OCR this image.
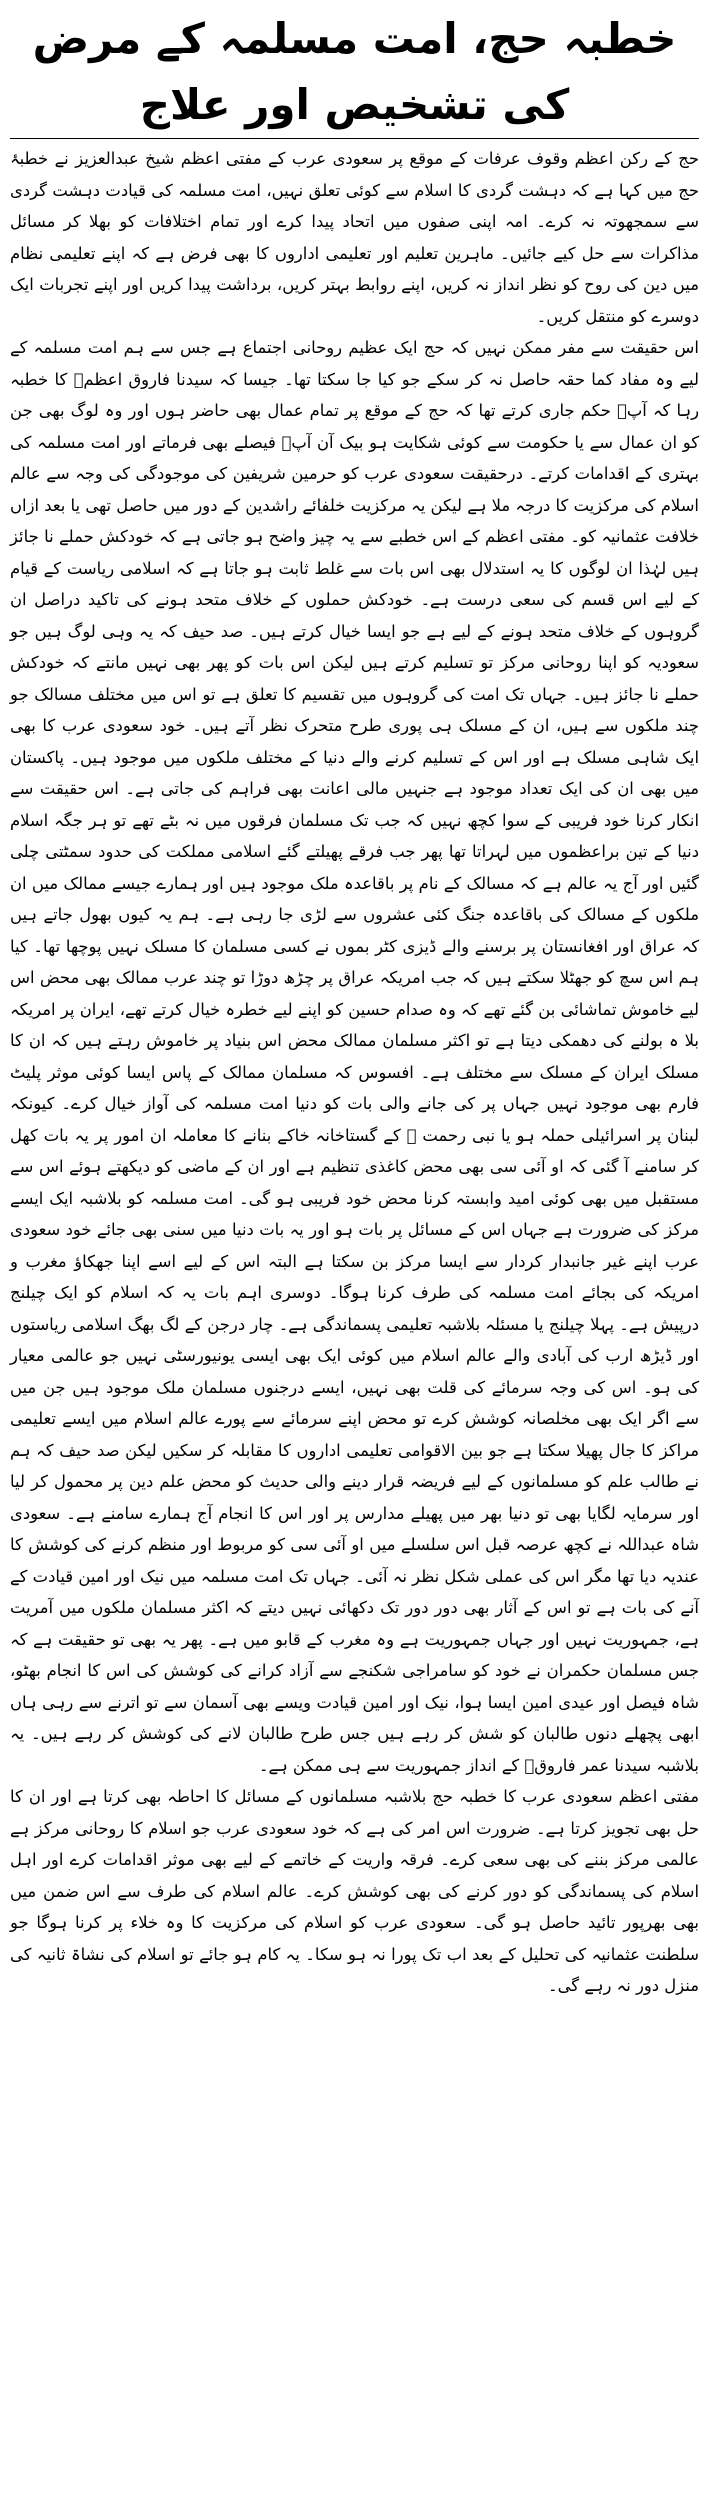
خطبہ حج، امت مسلمہ کے مرض کی تشخیص اور علاج

حج کے رکن اعظم وقوف عرفات کے موقع پر سعودی عرب کے مفتی اعظم شیخ عبدالعزیز نے خطبۂ حج میں کہا ہے کہ دہشت گردی کا اسلام سے کوئی تعلق نہیں، امت مسلمہ کی قیادت دہشت گردی سے سمجھوتہ نہ کرے۔ امہ اپنی صفوں میں اتحاد پیدا کرے اور تمام اختلافات کو بھلا کر مسائل مذاکرات سے حل کیے جائیں۔ ماہرین تعلیم اور تعلیمی اداروں کا بھی فرض ہے کہ اپنے تعلیمی نظام میں دین کی روح کو نظر انداز نہ کریں، اپنے روابط بہتر کریں، برداشت پیدا کریں اور اپنے تجربات ایک دوسرے کو منتقل کریں۔

اس حقیقت سے مفر ممکن نہیں کہ حج ایک عظیم روحانی اجتماع ہے جس سے ہم امت مسلمہ کے لیے وہ مفاد کما حقہ حاصل نہ کر سکے جو کیا جا سکتا تھا۔ جیسا کہ سیدنا فاروق اعظمؓ کا خطبہ رہا کہ آپؓ حکم جاری کرتے تھا کہ حج کے موقع پر تمام عمال بھی حاضر ہوں اور وہ لوگ بھی جن کو ان عمال سے یا حکومت سے کوئی شکایت ہو بیک آن آپؓ فیصلے بھی فرماتے اور امت مسلمہ کی بہتری کے اقدامات کرتے۔ درحقیقت سعودی عرب کو حرمین شریفین کی موجودگی کی وجہ سے عالم اسلام کی مرکزیت کا درجہ ملا ہے لیکن یہ مرکزیت خلفائے راشدین کے دور میں حاصل تھی یا بعد ازاں خلافت عثمانیہ کو۔ مفتی اعظم کے اس خطبے سے یہ چیز واضح ہو جاتی ہے کہ خودکش حملے نا جائز ہیں لہٰذا ان لوگوں کا یہ استدلال بھی اس بات سے غلط ثابت ہو جاتا ہے کہ اسلامی ریاست کے قیام کے لیے اس قسم کی سعی درست ہے۔ خودکش حملوں کے خلاف متحد ہونے کی تاکید دراصل ان گروہوں کے خلاف متحد ہونے کے لیے ہے جو ایسا خیال کرتے ہیں۔ صد حیف کہ یہ وہی لوگ ہیں جو سعودیہ کو اپنا روحانی مرکز تو تسلیم کرتے ہیں لیکن اس بات کو پھر بھی نہیں مانتے کہ خودکش حملے نا جائز ہیں۔ جہاں تک امت کی گروہوں میں تقسیم کا تعلق ہے تو اس میں مختلف مسالک جو چند ملکوں سے ہیں، ان کے مسلک ہی پوری طرح متحرک نظر آتے ہیں۔ خود سعودی عرب کا بھی ایک شاہی مسلک ہے اور اس کے تسلیم کرنے والے دنیا کے مختلف ملکوں میں موجود ہیں۔ پاکستان میں بھی ان کی ایک تعداد موجود ہے جنہیں مالی اعانت بھی فراہم کی جاتی ہے۔ اس حقیقت سے انکار کرنا خود فریبی کے سوا کچھ نہیں کہ جب تک مسلمان فرقوں میں نہ بٹے تھے تو ہر جگہ اسلام دنیا کے تین براعظموں میں لہراتا تھا پھر جب فرقے پھیلتے گئے اسلامی مملکت کی حدود سمٹتی چلی گئیں اور آج یہ عالم ہے کہ مسالک کے نام پر باقاعدہ ملک موجود ہیں اور ہمارے جیسے ممالک میں ان ملکوں کے مسالک کی باقاعدہ جنگ کئی عشروں سے لڑی جا رہی ہے۔ ہم یہ کیوں بھول جاتے ہیں کہ عراق اور افغانستان پر برسنے والے ڈیزی کٹر بموں نے کسی مسلمان کا مسلک نہیں پوچھا تھا۔ کیا ہم اس سچ کو جھٹلا سکتے ہیں کہ جب امریکہ عراق پر چڑھ دوڑا تو چند عرب ممالک بھی محض اس لیے خاموش تماشائی بن گئے تھے کہ وہ صدام حسین کو اپنے لیے خطرہ خیال کرتے تھے، ایران پر امریکہ بلا ہ بولنے کی دھمکی دیتا ہے تو اکثر مسلمان ممالک محض اس بنیاد پر خاموش رہتے ہیں کہ ان کا مسلک ایران کے مسلک سے مختلف ہے۔ افسوس کہ مسلمان ممالک کے پاس ایسا کوئی موثر پلیٹ فارم بھی موجود نہیں جہاں پر کی جانے والی بات کو دنیا امت مسلمہ کی آواز خیال کرے۔ کیونکہ لبنان پر اسرائیلی حملہ ہو یا نبی رحمت ﷺ کے گستاخانہ خاکے بنانے کا معاملہ ان امور پر یہ بات کھل کر سامنے آ گئی کہ او آئی سی بھی محض کاغذی تنظیم ہے اور ان کے ماضی کو دیکھتے ہوئے اس سے مستقبل میں بھی کوئی امید وابستہ کرنا محض خود فریبی ہو گی۔ امت مسلمہ کو بلاشبہ ایک ایسے مرکز کی ضرورت ہے جہاں اس کے مسائل پر بات ہو اور یہ بات دنیا میں سنی بھی جائے خود سعودی عرب اپنے غیر جانبدار کردار سے ایسا مرکز بن سکتا ہے البتہ اس کے لیے اسے اپنا جھکاؤ مغرب و امریکہ کی بجائے امت مسلمہ کی طرف کرنا ہوگا۔ دوسری اہم بات یہ کہ اسلام کو ایک چیلنج درپیش ہے۔ پہلا چیلنج یا مسئلہ بلاشبہ تعلیمی پسماندگی ہے۔ چار درجن کے لگ بھگ اسلامی ریاستوں اور ڈیڑھ ارب کی آبادی والے عالم اسلام میں کوئی ایک بھی ایسی یونیورسٹی نہیں جو عالمی معیار کی ہو۔ اس کی وجہ سرمائے کی قلت بھی نہیں، ایسے درجنوں مسلمان ملک موجود ہیں جن میں سے اگر ایک بھی مخلصانہ کوشش کرے تو محض اپنے سرمائے سے پورے عالم اسلام میں ایسے تعلیمی مراکز کا جال پھیلا سکتا ہے جو بین الاقوامی تعلیمی اداروں کا مقابلہ کر سکیں لیکن صد حیف کہ ہم نے طالب علم کو مسلمانوں کے لیے فریضہ قرار دینے والی حدیث کو محض علم دین پر محمول کر لیا اور سرمایہ لگایا بھی تو دنیا بھر میں پھیلے مدارس پر اور اس کا انجام آج ہمارے سامنے ہے۔ سعودی شاہ عبداللہ نے کچھ عرصہ قبل اس سلسلے میں او آئی سی کو مربوط اور منظم کرنے کی کوشش کا عندیہ دیا تھا مگر اس کی عملی شکل نظر نہ آئی۔ جہاں تک امت مسلمہ میں نیک اور امین قیادت کے آنے کی بات ہے تو اس کے آثار بھی دور دور تک دکھائی نہیں دیتے کہ اکثر مسلمان ملکوں میں آمریت ہے، جمہوریت نہیں اور جہاں جمہوریت ہے وہ مغرب کے قابو میں ہے۔ پھر یہ بھی تو حقیقت ہے کہ جس مسلمان حکمران نے خود کو سامراجی شکنجے سے آزاد کرانے کی کوشش کی اس کا انجام بھٹو، شاہ فیصل اور عیدی امین ایسا ہوا، نیک اور امین قیادت ویسے بھی آسمان سے تو اترنے سے رہی ہاں ابھی پچھلے دنوں طالبان کو شش کر رہے ہیں جس طرح طالبان لانے کی کوشش کر رہے ہیں۔ یہ بلاشبہ سیدنا عمر فاروقؓ کے انداز جمہوریت سے ہی ممکن ہے۔

مفتی اعظم سعودی عرب کا خطبہ حج بلاشبہ مسلمانوں کے مسائل کا احاطہ بھی کرتا ہے اور ان کا حل بھی تجویز کرتا ہے۔ ضرورت اس امر کی ہے کہ خود سعودی عرب جو اسلام کا روحانی مرکز ہے عالمی مرکز بننے کی بھی سعی کرے۔ فرقہ واریت کے خاتمے کے لیے بھی موثر اقدامات کرے اور اہل اسلام کی پسماندگی کو دور کرنے کی بھی کوشش کرے۔ عالم اسلام کی طرف سے اس ضمن میں بھی بھرپور تائید حاصل ہو گی۔ سعودی عرب کو اسلام کی مرکزیت کا وہ خلاء پر کرنا ہوگا جو سلطنت عثمانیہ کی تحلیل کے بعد اب تک پورا نہ ہو سکا۔ یہ کام ہو جائے تو اسلام کی نشاۃ ثانیہ کی منزل دور نہ رہے گی۔
